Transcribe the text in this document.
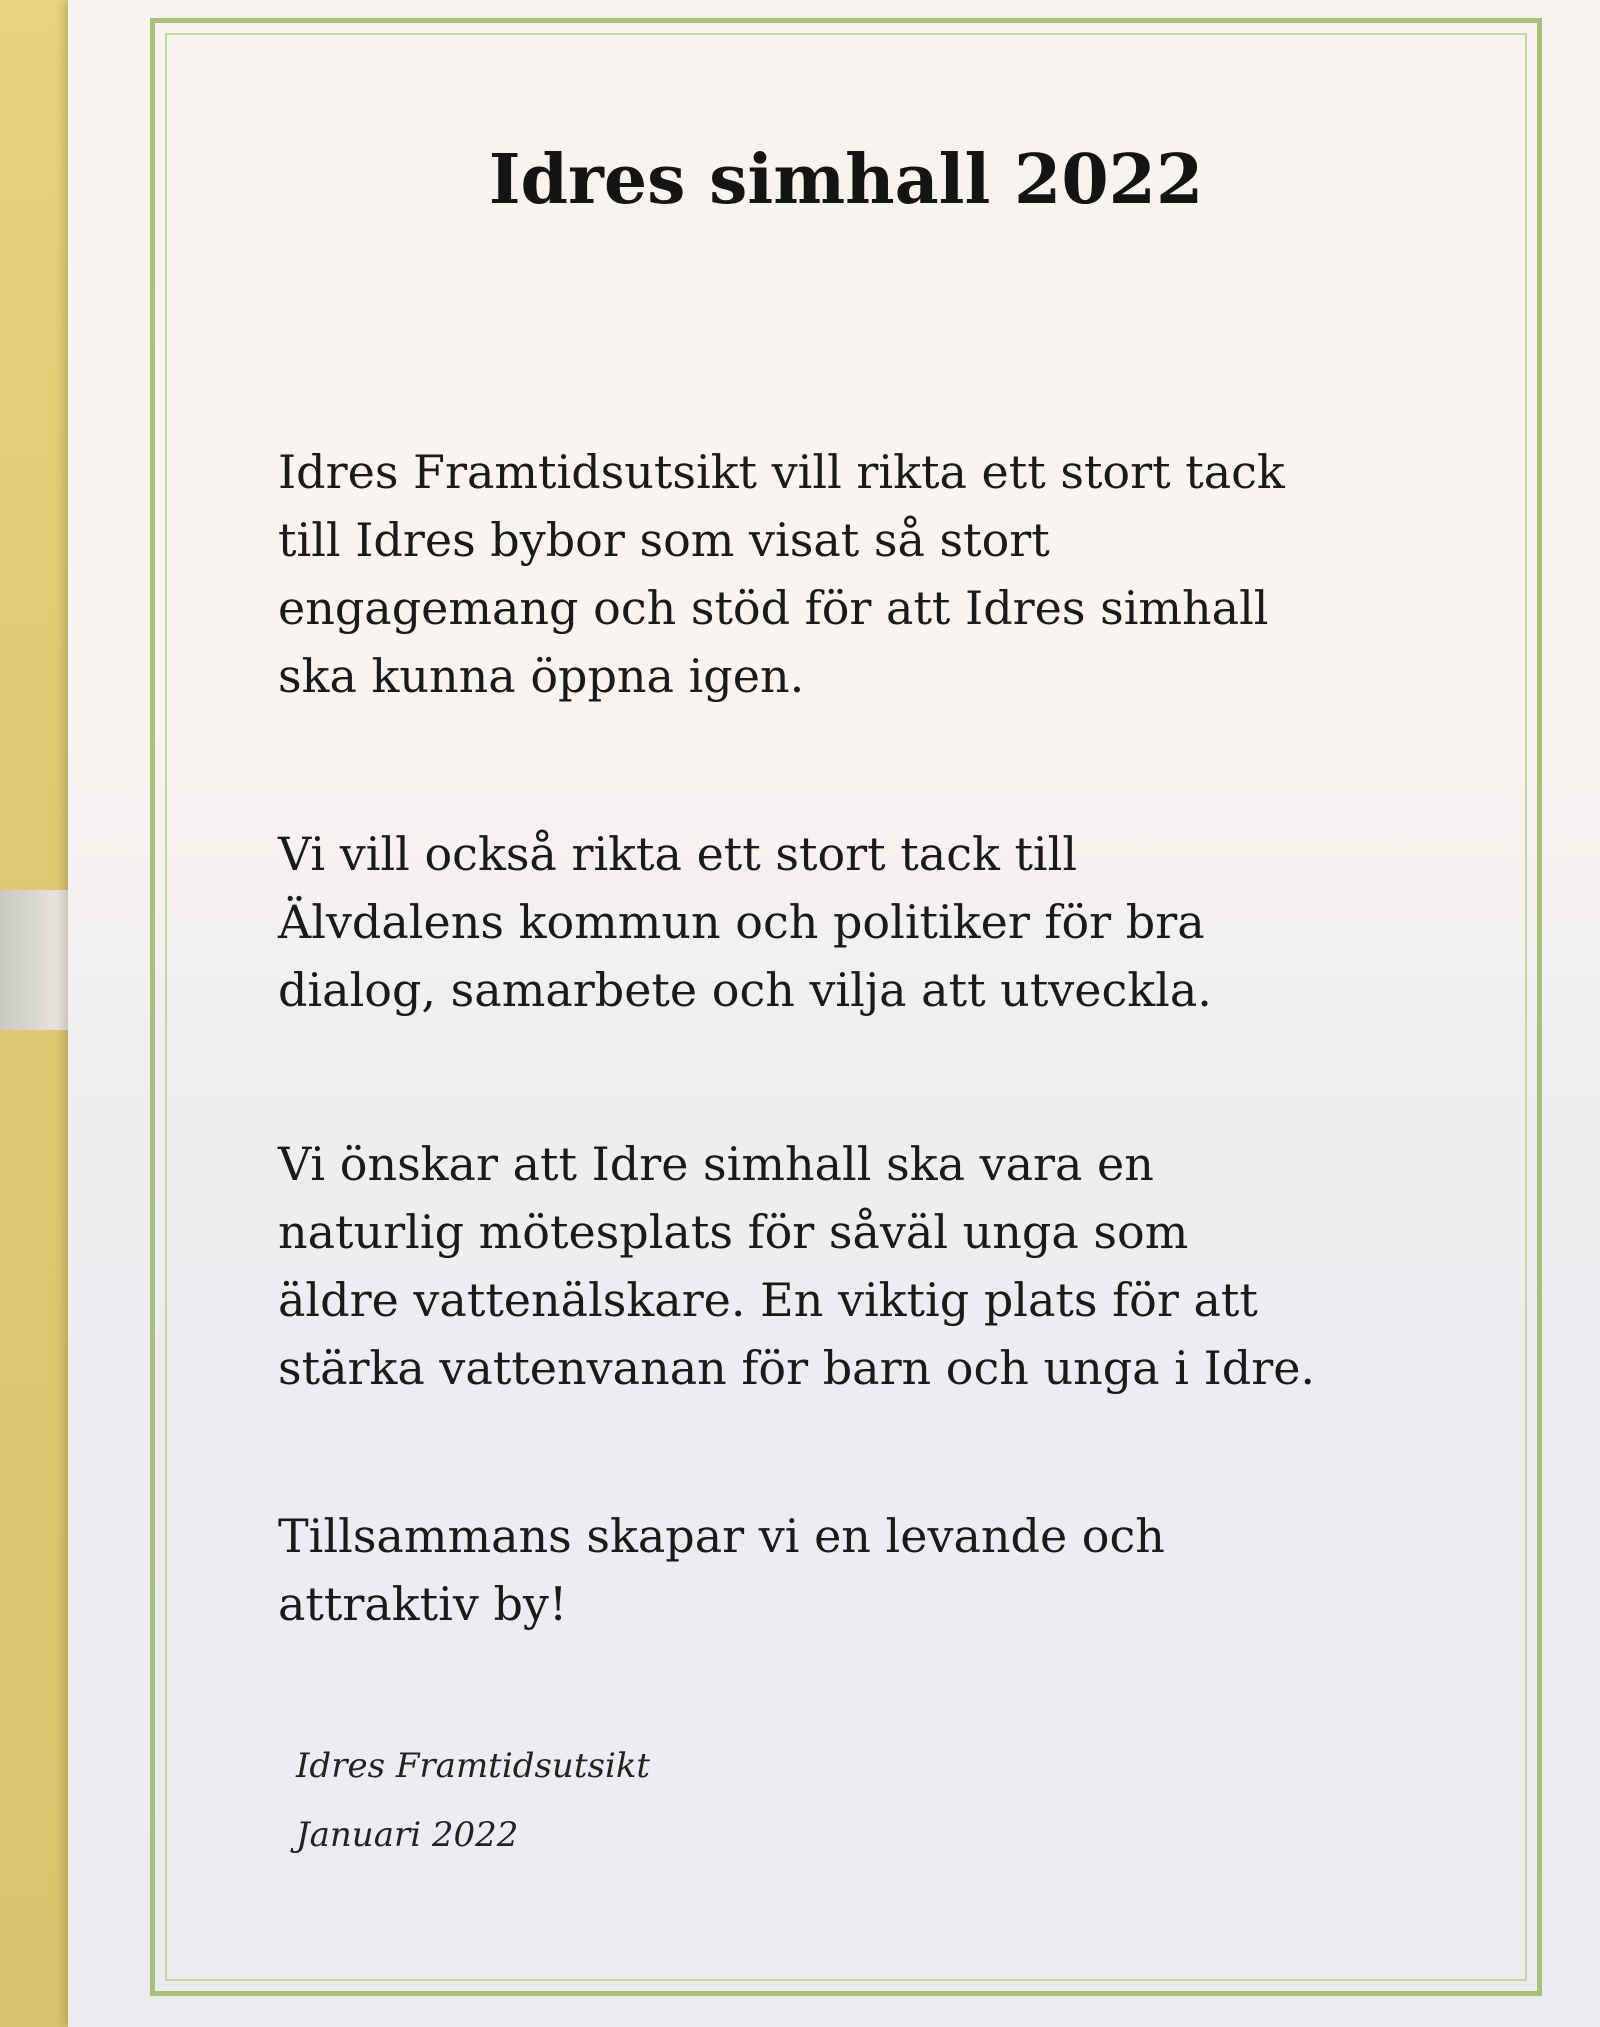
Idres simhall 2022
Idres Framtidsutsikt vill rikta ett stort tack
till Idres bybor som visat så stort
engagemang och stöd för att Idres simhall
ska kunna öppna igen.
Vi vill också rikta ett stort tack till
Älvdalens kommun och politiker för bra
dialog, samarbete och vilja att utveckla.
Vi önskar att Idre simhall ska vara en
naturlig mötesplats för såväl unga som
äldre vattenälskare. En viktig plats för att
stärka vattenvanan för barn och unga i Idre.
Tillsammans skapar vi en levande och
attraktiv by!

Idres Framtidsutsikt

Januari 2022
